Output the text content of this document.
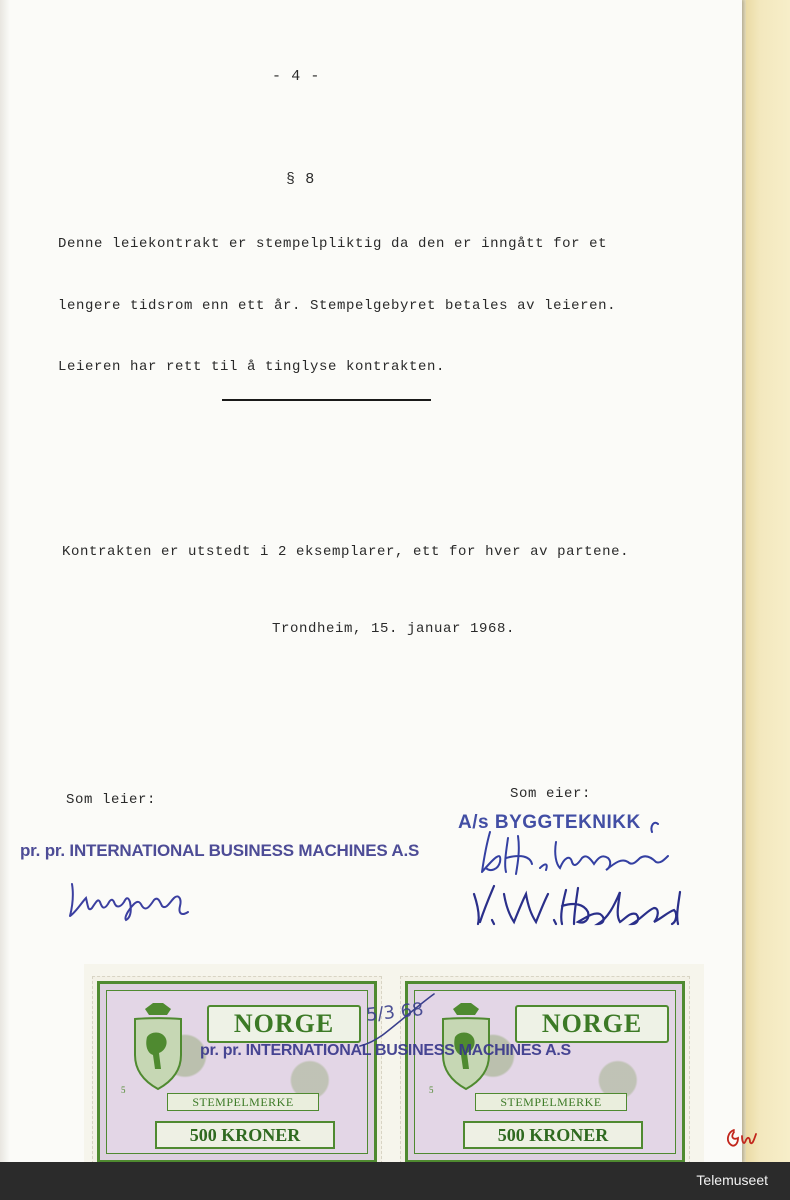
- 4 -
§ 8

Denne leiekontrakt er stempelpliktig da den er inngått for et

lengere tidsrom enn ett år. Stempelgebyret betales av leieren.

Leieren har rett til å tinglyse kontrakten.

Kontrakten er utstedt i 2 eksemplarer, ett for hver av partene.
Trondheim, 15. januar 1968.
Som leier:	Som eier:
pr. pr. INTERNATIONAL BUSINESS MACHINES A.S
A/s BYGGTEKNIKK
5
NORGE
STEMPELMERKE
500 KRONER
5
NORGE
STEMPELMERKE
500 KRONER
pr. pr. INTERNATIONAL BUSINESS MACHINES A.S
5/3 68
Telemuseet
